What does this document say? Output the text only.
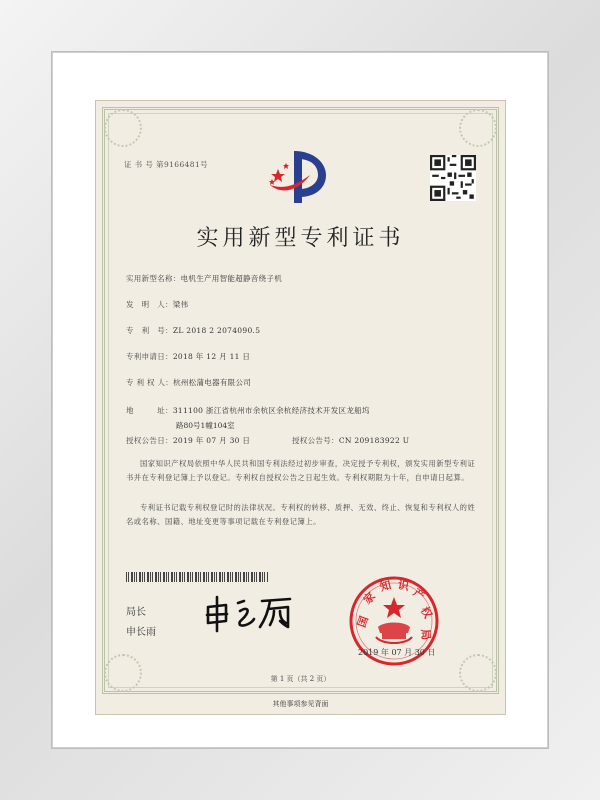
证 书 号 第9166481号
实用新型专利证书
实用新型名称：电机生产用智能超静音绕子机
发　明　人：梁伟
专　利　号：ZL 2018 2 2074090.5
专利申请日：2018 年 12 月 11 日
专 利 权 人：杭州松蒲电器有限公司
地　　　址：311100 浙江省杭州市余杭区余杭经济技术开发区龙船坞
路80号1幢104室
授权公告日：2019 年 07 月 30 日	授权公告号：CN 209183922 U
国家知识产权局依照中华人民共和国专利法经过初步审查，决定授予专利权，颁发实用新型专利证书并在专利登记簿上予以登记。专利权自授权公告之日起生效。专利权期限为十年，自申请日起算。
专利证书记载专利权登记时的法律状况。专利权的转移、质押、无效、终止、恢复和专利权人的姓名或名称、国籍、地址变更等事项记载在专利登记簿上。
局长
申长雨
国
家
知 识
产
权
局
2019 年 07 月 30 日
第 1 页（共 2 页）
其他事项参见背面
